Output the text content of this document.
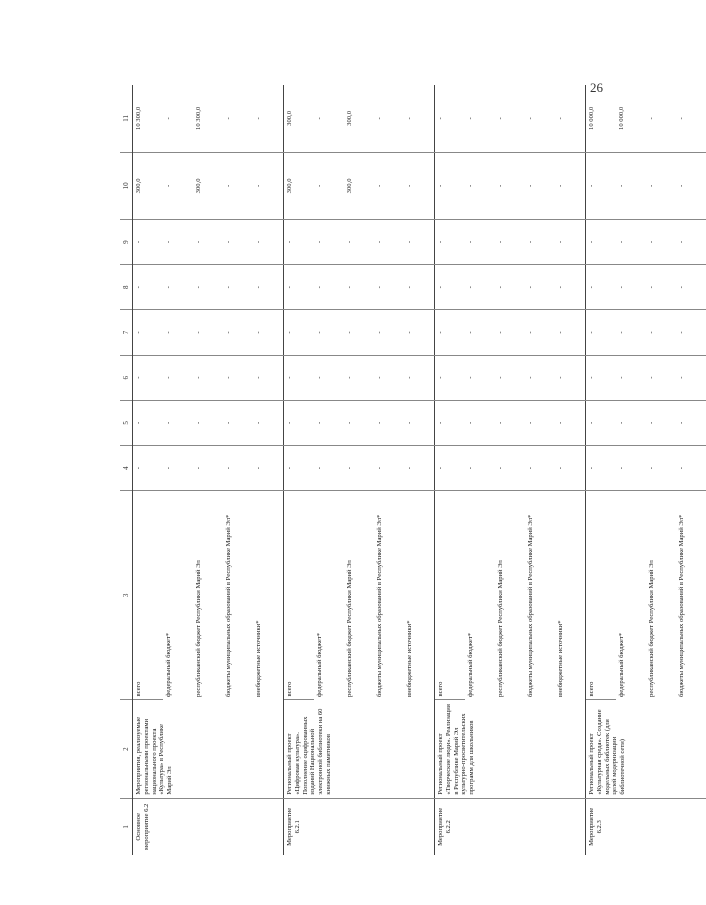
26
1	2	3	4	5	6	7	8	9	10	11
Основное мероприятие 6.2	Мероприятия, реализуемые региональными проектами национального проекта «Культура» в Республике Марий Эл	всего	-	-	-	-	-	-	300,0	10 300,0
		федеральный бюджет*	-	-	-	-	-	-	-	-
		республиканский бюджет Республики Марий Эл	-	-	-	-	-	-	300,0	10 300,0
		бюджеты муниципальных образований в Республике Марий Эл*	-	-	-	-	-	-	-	-
		внебюджетные источники*	-	-	-	-	-	-	-	-
Мероприятие 6.2.1	Региональный проект «Цифровая культура». Пополнение оцифрованных изданий Национальной электронной библиотеки на 60 книжных памятников	всего	-	-	-	-	-	-	300,0	300,0
		федеральный бюджет*	-	-	-	-	-	-	-	-
		республиканский бюджет Республики Марий Эл	-	-	-	-	-	-	300,0	300,0
		бюджеты муниципальных образований в Республике Марий Эл*	-	-	-	-	-	-	-	-
		внебюджетные источники*	-	-	-	-	-	-	-	-
Мероприятие 6.2.2	Региональный проект «Творческие люди». Реализация в Республике Марий Эл культурно-просветительских программ для школьников	всего	-	-	-	-	-	-	-	-
		федеральный бюджет*	-	-	-	-	-	-	-	-
		республиканский бюджет Республики Марий Эл	-	-	-	-	-	-	-	-
		бюджеты муниципальных образований в Республике Марий Эл*	-	-	-	-	-	-	-	-
		внебюджетные источники*	-	-	-	-	-	-	-	-
Мероприятие 6.2.3	Региональный проект «Культурная среда». Создание модельных библиотек (для целей модернизации библиотечной сети)	всего	-	-	-	-	-	-	-	10 000,0
		федеральный бюджет*	-	-	-	-	-	-	-	10 000,0
		республиканский бюджет Республики Марий Эл	-	-	-	-	-	-	-	-
		бюджеты муниципальных образований в Республике Марий Эл*	-	-	-	-	-	-	-	-
